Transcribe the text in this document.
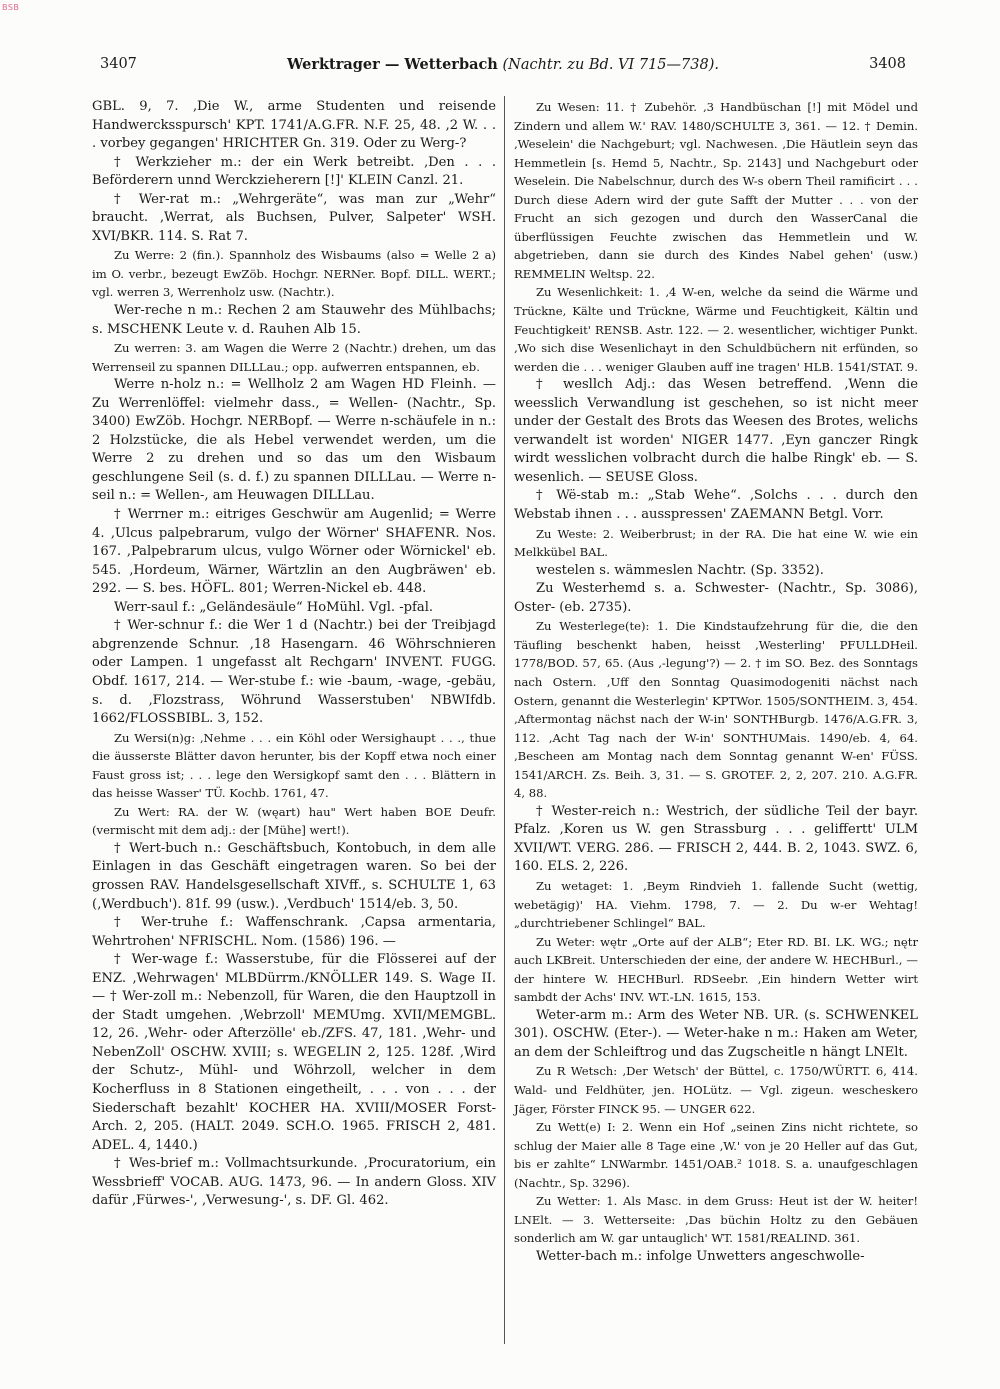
BSB
3407	Werktrager — Wetterbach (Nachtr. zu Bd. VI 715—738).	3408

GBL. 9, 7. ‚Die W., arme Studenten und reisende Handwercksspursch' KPT. 1741/A.G.FR. N.F. 25, 48. ‚2 W. . . . vorbey gegangen' HRICHTER Gn. 319. Oder zu Werg-?

† Werkzieher m.: der ein Werk betreibt. ‚Den . . . Beförderern unnd Werckzieherern [!]' KLEIN Canzl. 21.

† Wer-rat m.: „Wehrgeräte“, was man zur „Wehr“ braucht. ‚Werrat, als Buchsen, Pulver, Salpeter' WSH. XVI/BKR. 114. S. Rat 7.

Zu Werre: 2 (fin.). Spannholz des Wisbaums (also = Welle 2 a) im O. verbr., bezeugt EwZöb. Hochgr. NERNer. Bopf. DILL. WERT.; vgl. werren 3, Werrenholz usw. (Nachtr.).

Wer-reche n m.: Rechen 2 am Stauwehr des Mühlbachs; s. MSCHENK Leute v. d. Rauhen Alb 15.

Zu werren: 3. am Wagen die Werre 2 (Nachtr.) drehen, um das Werrenseil zu spannen DILLLau.; opp. aufwerren entspannen, eb.

Werre n-holz n.: = Wellholz 2 am Wagen HD Fleinh. — Zu Werrenlöffel: vielmehr dass., = Wellen- (Nachtr., Sp. 3400) EwZöb. Hochgr. NERBopf. — Werre n-schäufele in n.: 2 Holzstücke, die als Hebel verwendet werden, um die Werre 2 zu drehen und so das um den Wisbaum geschlungene Seil (s. d. f.) zu spannen DILLLau. — Werre n-seil n.: = Wellen-, am Heuwagen DILLLau.

† Werrner m.: eitriges Geschwür am Augenlid; = Werre 4. ‚Ulcus palpebrarum, vulgo der Wörner' SHAFENR. Nos. 167. ‚Palpebrarum ulcus, vulgo Wörner oder Wörnickel' eb. 545. ‚Hordeum, Wärner, Wärtzlin an den Augbräwen' eb. 292. — S. bes. HÖFL. 801; Werren-Nickel eb. 448.

Werr-saul f.: „Geländesäule“ HoMühl. Vgl. -pfal.

† Wer-schnur f.: die Wer 1 d (Nachtr.) bei der Treibjagd abgrenzende Schnur. ‚18 Hasengarn. 46 Wöhrschnieren oder Lampen. 1 ungefasst alt Rechgarn' INVENT. FUGG. Obdf. 1617, 214. — Wer-stube f.: wie -baum, -wage, -gebäu, s. d. ‚Flozstrass, Wöhrund Wasserstuben' NBWIfdb. 1662/FLOSSBIBL. 3, 152.

Zu Wersi(n)g: ‚Nehme . . . ein Köhl oder Wersighaupt . . ., thue die äusserste Blätter davon herunter, bis der Kopff etwa noch einer Faust gross ist; . . . lege den Wersigkopf samt den . . . Blättern in das heisse Wasser' TÜ. Kochb. 1761, 47.

Zu Wert: RA. der W. (węart) hau" Wert haben BOE Deufr. (vermischt mit dem adj.: der [Mühe] wert!).

† Wert-buch n.: Geschäftsbuch, Kontobuch, in dem alle Einlagen in das Geschäft eingetragen waren. So bei der grossen RAV. Handelsgesellschaft XIVff., s. SCHULTE 1, 63 (‚Werdbuch'). 81f. 99 (usw.). ‚Verdbuch' 1514/eb. 3, 50.

† Wer-truhe f.: Waffenschrank. ‚Capsa armentaria, Wehrtrohen' NFRISCHL. Nom. (1586) 196. —

† Wer-wage f.: Wasserstube, für die Flösserei auf der ENZ. ‚Wehrwagen' MLBDürrm./KNÖLLER 149. S. Wage II. — † Wer-zoll m.: Nebenzoll, für Waren, die den Hauptzoll in der Stadt umgehen. ‚Webrzoll' MEMUmg. XVII/MEMGBL. 12, 26. ‚Wehr- oder Afterzölle' eb./ZFS. 47, 181. ‚Wehr- und NebenZoll' OSCHW. XVIII; s. WEGELIN 2, 125. 128f. ‚Wird der Schutz-, Mühl- und Wöhrzoll, welcher in dem Kocherfluss in 8 Stationen eingetheilt, . . . von . . . der Siederschaft bezahlt' KOCHER HA. XVIII/MOSER Forst-Arch. 2, 205. (HALT. 2049. SCH.O. 1965. FRISCH 2, 481. ADEL. 4, 1440.)

† Wes-brief m.: Vollmachtsurkunde. ‚Procuratorium, ein Wessbrieff' VOCAB. AUG. 1473, 96. — In andern Gloss. XIV dafür ‚Fürwes-', ‚Verwesung-', s. DF. Gl. 462.

Zu Wesen: 11. † Zubehör. ‚3 Handbüschan [!] mit Mödel und Zindern und allem W.' RAV. 1480/SCHULTE 3, 361. — 12. † Demin. ‚Weselein' die Nachgeburt; vgl. Nachwesen. ‚Die Häutlein seyn das Hemmetlein [s. Hemd 5, Nachtr., Sp. 2143] und Nachgeburt oder Weselein. Die Nabelschnur, durch des W-s obern Theil ramificirt . . . Durch diese Adern wird der gute Safft der Mutter . . . von der Frucht an sich gezogen und durch den WasserCanal die überflüssigen Feuchte zwischen das Hemmetlein und W. abgetrieben, dann sie durch des Kindes Nabel gehen' (usw.) REMMELIN Weltsp. 22.

Zu Wesenlichkeit: 1. ‚4 W-en, welche da seind die Wärme und Trückne, Kälte und Trückne, Wärme und Feuchtigkeit, Kältin und Feuchtigkeit' RENSB. Astr. 122. — 2. wesentlicher, wichtiger Punkt. ‚Wo sich dise Wesenlichayt in den Schuldbüchern nit erfünden, so werden die . . . weniger Glauben auff ine tragen' HLB. 1541/STAT. 9.

† wesllch Adj.: das Wesen betreffend. ‚Wenn die weesslich Verwandlung ist geschehen, so ist nicht meer under der Gestalt des Brots das Weesen des Brotes, welichs verwandelt ist worden' NIGER 1477. ‚Eyn ganczer Ringk wirdt wesslichen volbracht durch die halbe Ringk' eb. — S. wesenlich. — SEUSE Gloss.

† Wë-stab m.: „Stab Wehe“. ‚Solchs . . . durch den Webstab ihnen . . . ausspressen' ZAEMANN Betgl. Vorr.

Zu Weste: 2. Weiberbrust; in der RA. Die hat eine W. wie ein Melkkübel BAL.

westelen s. wämmeslen Nachtr. (Sp. 3352).

Zu Westerhemd s. a. Schwester- (Nachtr., Sp. 3086), Oster- (eb. 2735).

Zu Westerlege(te): 1. Die Kindstaufzehrung für die, die den Täufling beschenkt haben, heisst ‚Westerling' PFULLDHeil. 1778/BOD. 57, 65. (Aus ‚-legung'?) — 2. † im SO. Bez. des Sonntags nach Ostern. ‚Uff den Sonntag Quasimodogeniti nächst nach Ostern, genannt die Westerlegin' KPTWor. 1505/SONTHEIM. 3, 454. ‚Aftermontag nächst nach der W-in' SONTHBurgb. 1476/A.G.FR. 3, 112. ‚Acht Tag nach der W-in' SONTHUMais. 1490/eb. 4, 64. ‚Bescheen am Montag nach dem Sonntag genannt W-en' FÜSS. 1541/ARCH. Zs. Beih. 3, 31. — S. GROTEF. 2, 2, 207. 210. A.G.FR. 4, 88.

† Wester-reich n.: Westrich, der südliche Teil der bayr. Pfalz. ‚Koren us W. gen Strassburg . . . geliffertt' ULM XVII/WT. VERG. 286. — FRISCH 2, 444. B. 2, 1043. SWZ. 6, 160. ELS. 2, 226.

Zu wetaget: 1. ‚Beym Rindvieh 1. fallende Sucht (wettig, webetägig)' HA. Viehm. 1798, 7. — 2. Du w-er Wehtag! „durchtriebener Schlingel“ BAL.

Zu Weter: wętr „Orte auf der ALB“; Eter RD. BI. LK. WG.; nętr auch LKBreit. Unterschieden der eine, der andere W. HECHBurl., — der hintere W. HECHBurl. RDSeebr. ‚Ein hindern Wetter wirt sambdt der Achs' INV. WT.-LN. 1615, 153.

Weter-arm m.: Arm des Weter NB. UR. (s. SCHWENKEL 301). OSCHW. (Eter-). — Weter-hake n m.: Haken am Weter, an dem der Schleiftrog und das Zugscheitle n hängt LNElt.

Zu R Wetsch: ‚Der Wetsch' der Büttel, c. 1750/WÜRTT. 6, 414. Wald- und Feldhüter, jen. HOLütz. — Vgl. zigeun. wescheskero Jäger, Förster FINCK 95. — UNGER 622.

Zu Wett(e) I: 2. Wenn ein Hof „seinen Zins nicht richtete, so schlug der Maier alle 8 Tage eine ‚W.' von je 20 Heller auf das Gut, bis er zahlte“ LNWarmbr. 1451/OAB.² 1018. S. a. unaufgeschlagen (Nachtr., Sp. 3296).

Zu Wetter: 1. Als Masc. in dem Gruss: Heut ist der W. heiter! LNElt. — 3. Wetterseite: ‚Das büchin Holtz zu den Gebäuen sonderlich am W. gar untauglich' WT. 1581/REALIND. 361.

Wetter-bach m.: infolge Unwetters angeschwolle-
